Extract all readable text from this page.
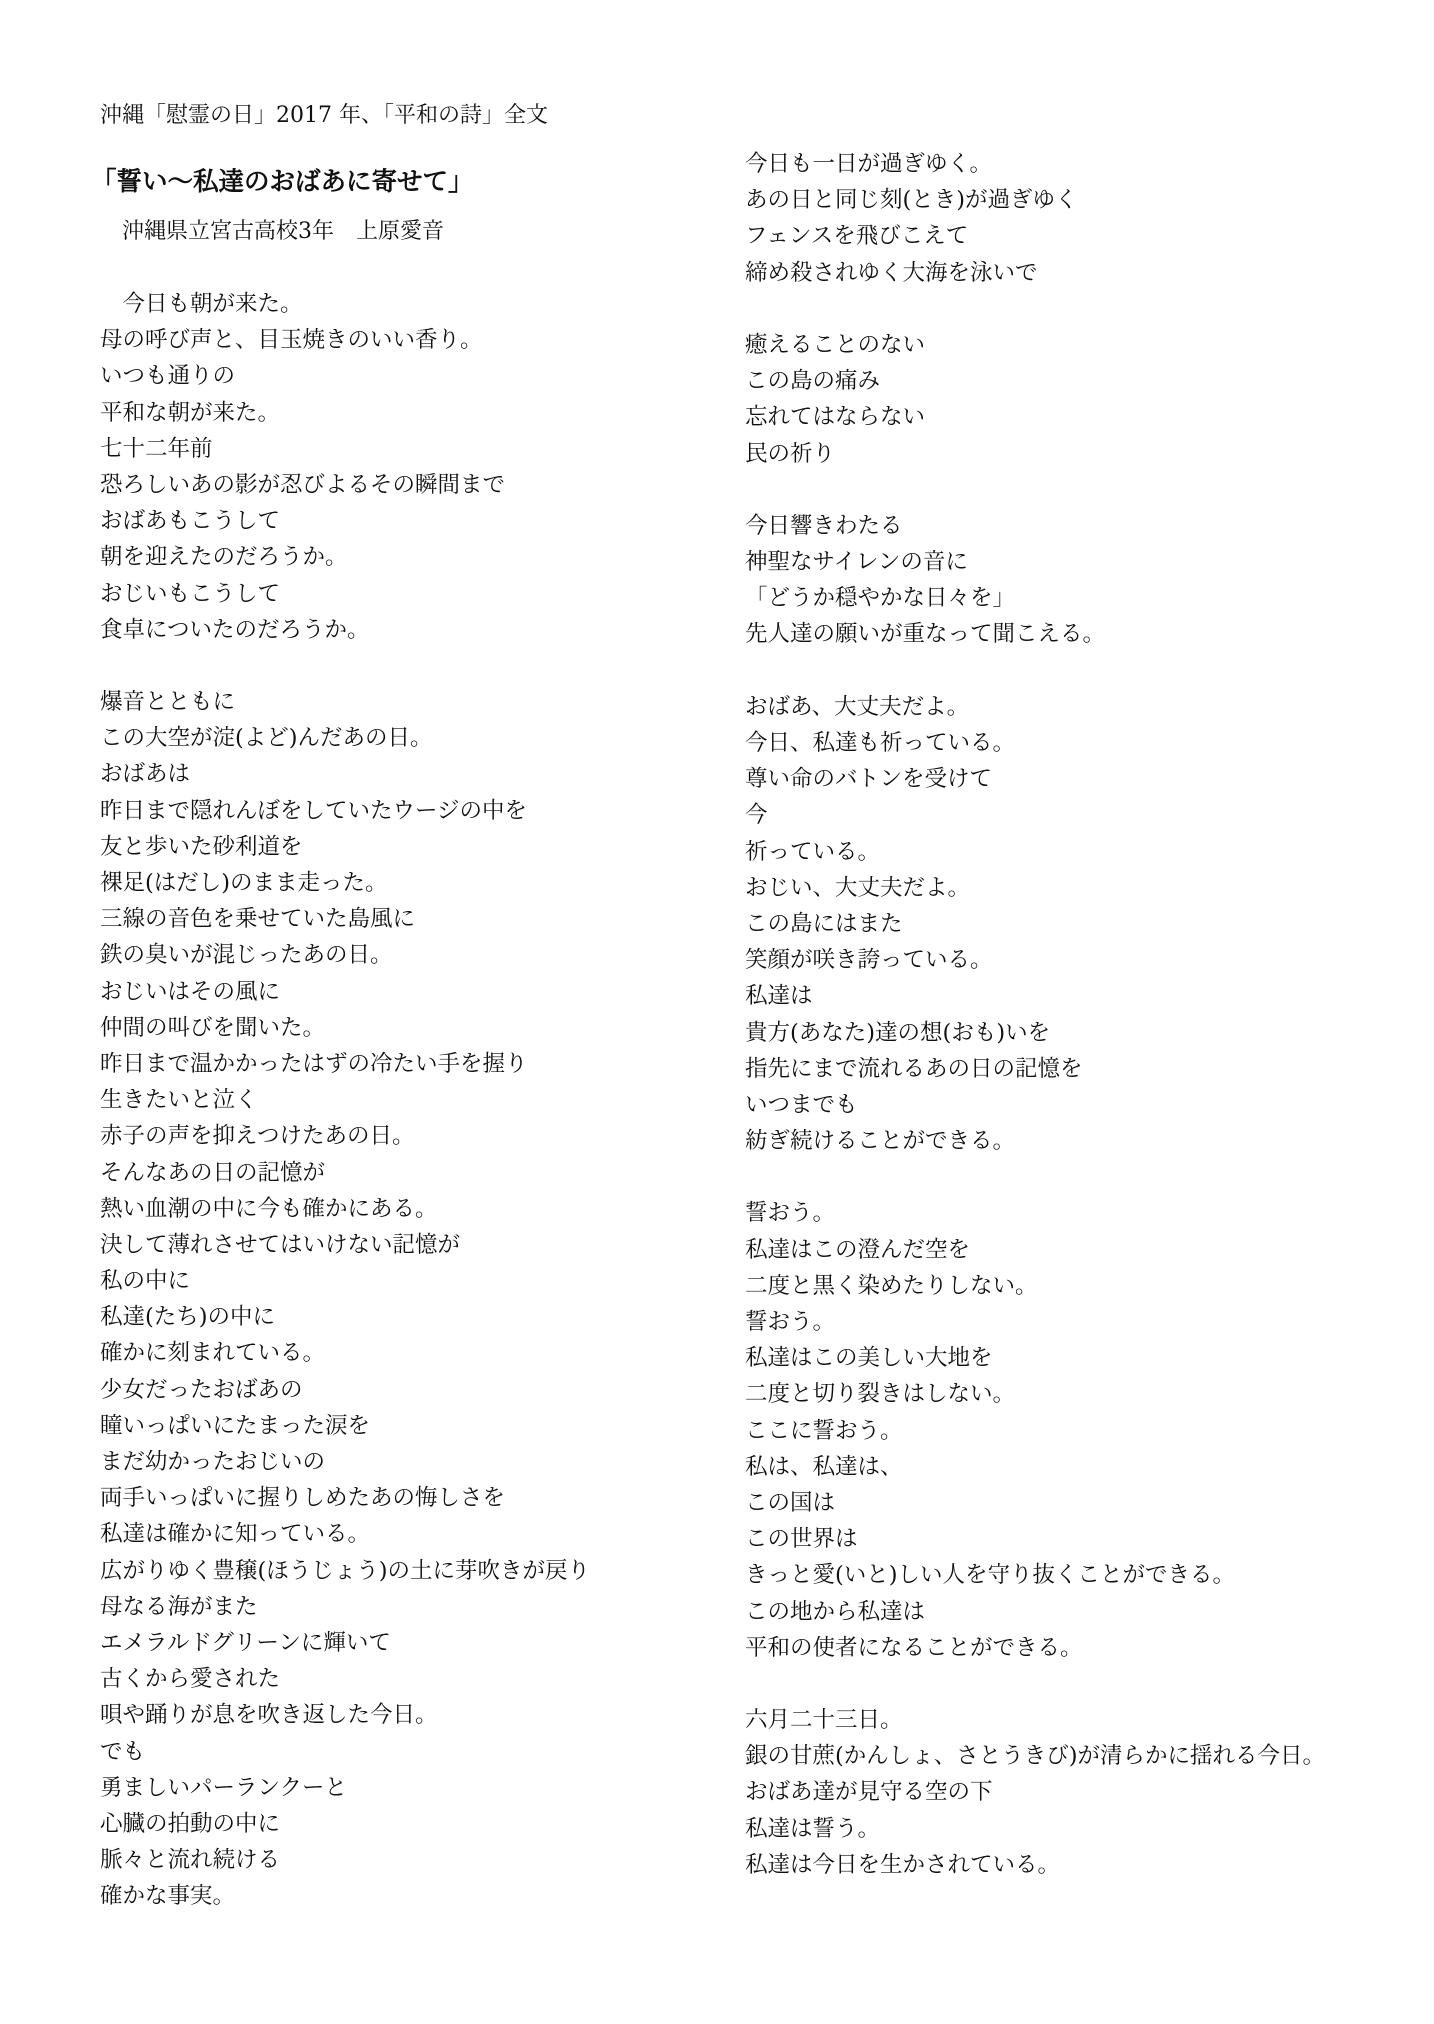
沖縄「慰霊の日」2017 年、「平和の詩」全文
「誓い〜私達のおばあに寄せて」
　沖縄県立宮古高校3年　上原愛音
　今日も朝が来た。
母の呼び声と、目玉焼きのいい香り。
いつも通りの
平和な朝が来た。
七十二年前
恐ろしいあの影が忍びよるその瞬間まで
おばあもこうして
朝を迎えたのだろうか。
おじいもこうして
食卓についたのだろうか。

爆音とともに
この大空が淀(よど)んだあの日。
おばあは
昨日まで隠れんぼをしていたウージの中を
友と歩いた砂利道を
裸足(はだし)のまま走った。
三線の音色を乗せていた島風に
鉄の臭いが混じったあの日。
おじいはその風に
仲間の叫びを聞いた。
昨日まで温かかったはずの冷たい手を握り
生きたいと泣く
赤子の声を抑えつけたあの日。
そんなあの日の記憶が
熱い血潮の中に今も確かにある。
決して薄れさせてはいけない記憶が
私の中に
私達(たち)の中に
確かに刻まれている。
少女だったおばあの
瞳いっぱいにたまった涙を
まだ幼かったおじいの
両手いっぱいに握りしめたあの悔しさを
私達は確かに知っている。
広がりゆく豊穣(ほうじょう)の土に芽吹きが戻り
母なる海がまた
エメラルドグリーンに輝いて
古くから愛された
唄や踊りが息を吹き返した今日。
でも
勇ましいパーランクーと
心臓の拍動の中に
脈々と流れ続ける
確かな事実。
今日も一日が過ぎゆく。
あの日と同じ刻(とき)が過ぎゆく
フェンスを飛びこえて
締め殺されゆく大海を泳いで

癒えることのない
この島の痛み
忘れてはならない
民の祈り

今日響きわたる
神聖なサイレンの音に
「どうか穏やかな日々を」
先人達の願いが重なって聞こえる。

おばあ、大丈夫だよ。
今日、私達も祈っている。
尊い命のバトンを受けて
今
祈っている。
おじい、大丈夫だよ。
この島にはまた
笑顔が咲き誇っている。
私達は
貴方(あなた)達の想(おも)いを
指先にまで流れるあの日の記憶を
いつまでも
紡ぎ続けることができる。

誓おう。
私達はこの澄んだ空を
二度と黒く染めたりしない。
誓おう。
私達はこの美しい大地を
二度と切り裂きはしない。
ここに誓おう。
私は、私達は、
この国は
この世界は
きっと愛(いと)しい人を守り抜くことができる。
この地から私達は
平和の使者になることができる。

六月二十三日。
銀の甘蔗(かんしょ、さとうきび)が清らかに揺れる今日。
おばあ達が見守る空の下
私達は誓う。
私達は今日を生かされている。
